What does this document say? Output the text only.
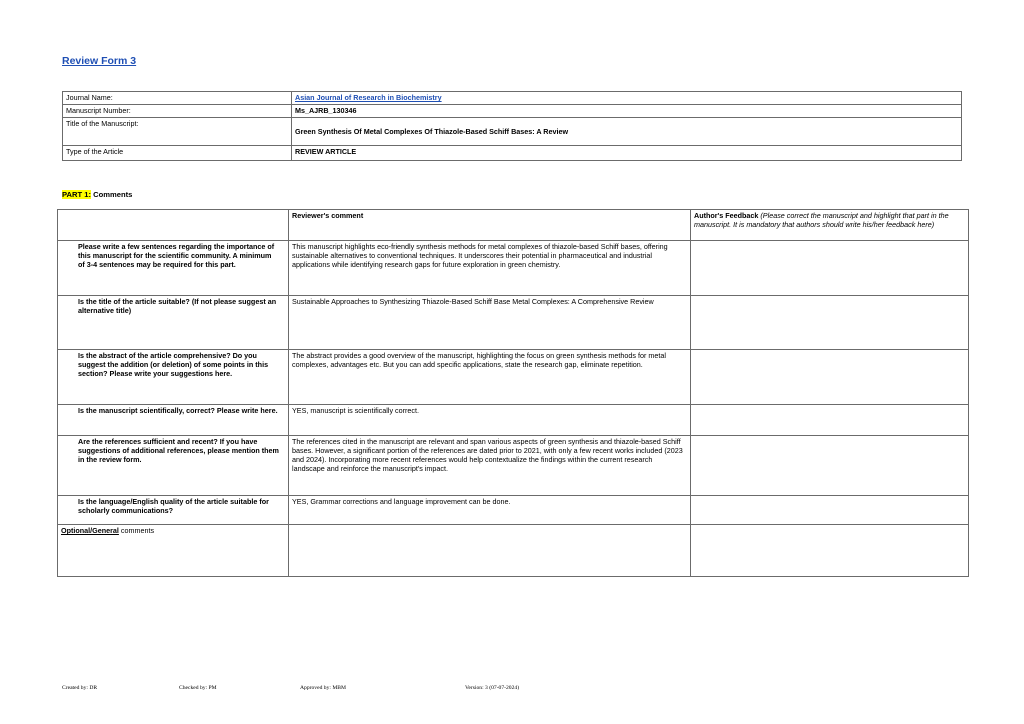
Review Form 3
Journal Name:	Asian Journal of Research in Biochemistry
Manuscript Number:	Ms_AJRB_130346
Title of the Manuscript:	Green Synthesis Of Metal Complexes Of Thiazole-Based Schiff Bases: A Review
Type of the Article	REVIEW ARTICLE

PART 1: Comments

	Reviewer's comment	Author's Feedback (Please correct the manuscript and highlight that part in the manuscript. It is mandatory that authors should write his/her feedback here)
Please write a few sentences regarding the importance of this manuscript for the scientific community. A minimum of 3-4 sentences may be required for this part.	This manuscript highlights eco-friendly synthesis methods for metal complexes of thiazole-based Schiff bases, offering sustainable alternatives to conventional techniques. It underscores their potential in pharmaceutical and industrial applications while identifying research gaps for future exploration in green chemistry.	
Is the title of the article suitable? (If not please suggest an alternative title)	Sustainable Approaches to Synthesizing Thiazole-Based Schiff Base Metal Complexes: A Comprehensive Review	
Is the abstract of the article comprehensive? Do you suggest the addition (or deletion) of some points in this section? Please write your suggestions here.	The abstract provides a good overview of the manuscript, highlighting the focus on green synthesis methods for metal complexes, advantages etc. But you can add specific applications, state the research gap, eliminate repetition.	
Is the manuscript scientifically, correct? Please write here.	YES, manuscript is scientifically correct.	
Are the references sufficient and recent? If you have suggestions of additional references, please mention them in the review form.	The references cited in the manuscript are relevant and span various aspects of green synthesis and thiazole-based Schiff bases. However, a significant portion of the references are dated prior to 2021, with only a few recent works included (2023 and 2024). Incorporating more recent references would help contextualize the findings within the current research landscape and reinforce the manuscript's impact.	
Is the language/English quality of the article suitable for scholarly communications?	YES, Grammar corrections and language improvement can be done.	
Optional/General comments		
Created by: DR	Checked by: PM	Approved by: MBM	Version: 3 (07-07-2024)
